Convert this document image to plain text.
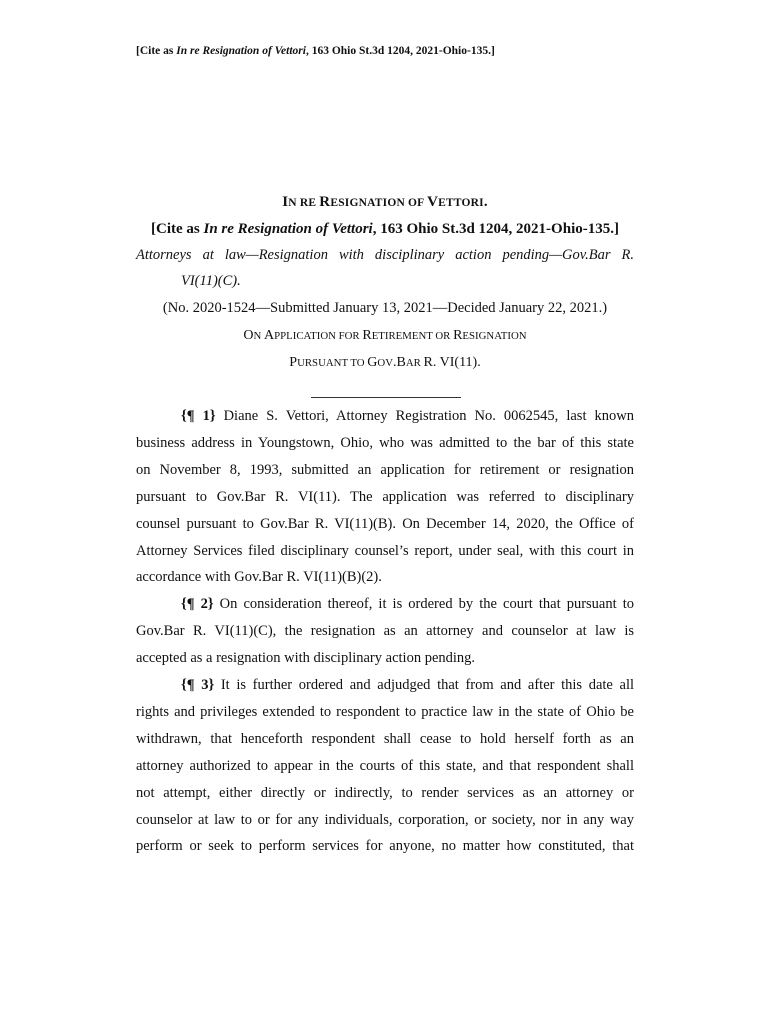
[Cite as In re Resignation of Vettori, 163 Ohio St.3d 1204, 2021-Ohio-135.]
IN RE RESIGNATION OF VETTORI.
[Cite as In re Resignation of Vettori, 163 Ohio St.3d 1204, 2021-Ohio-135.]
Attorneys at law—Resignation with disciplinary action pending—Gov.Bar R.
VI(11)(C).
(No. 2020-1524—Submitted January 13, 2021—Decided January 22, 2021.)
ON APPLICATION FOR RETIREMENT OR RESIGNATION
PURSUANT TO GOV.BAR R. VI(11).
{¶ 1} Diane S. Vettori, Attorney Registration No. 0062545, last known
business address in Youngstown, Ohio, who was admitted to the bar of this state
on November 8, 1993, submitted an application for retirement or resignation
pursuant to Gov.Bar R. VI(11). The application was referred to disciplinary
counsel pursuant to Gov.Bar R. VI(11)(B). On December 14, 2020, the Office of
Attorney Services filed disciplinary counsel’s report, under seal, with this court in
accordance with Gov.Bar R. VI(11)(B)(2).
{¶ 2} On consideration thereof, it is ordered by the court that pursuant to
Gov.Bar R. VI(11)(C), the resignation as an attorney and counselor at law is
accepted as a resignation with disciplinary action pending.
{¶ 3} It is further ordered and adjudged that from and after this date all
rights and privileges extended to respondent to practice law in the state of Ohio be
withdrawn, that henceforth respondent shall cease to hold herself forth as an
attorney authorized to appear in the courts of this state, and that respondent shall
not attempt, either directly or indirectly, to render services as an attorney or
counselor at law to or for any individuals, corporation, or society, nor in any way
perform or seek to perform services for anyone, no matter how constituted, that
